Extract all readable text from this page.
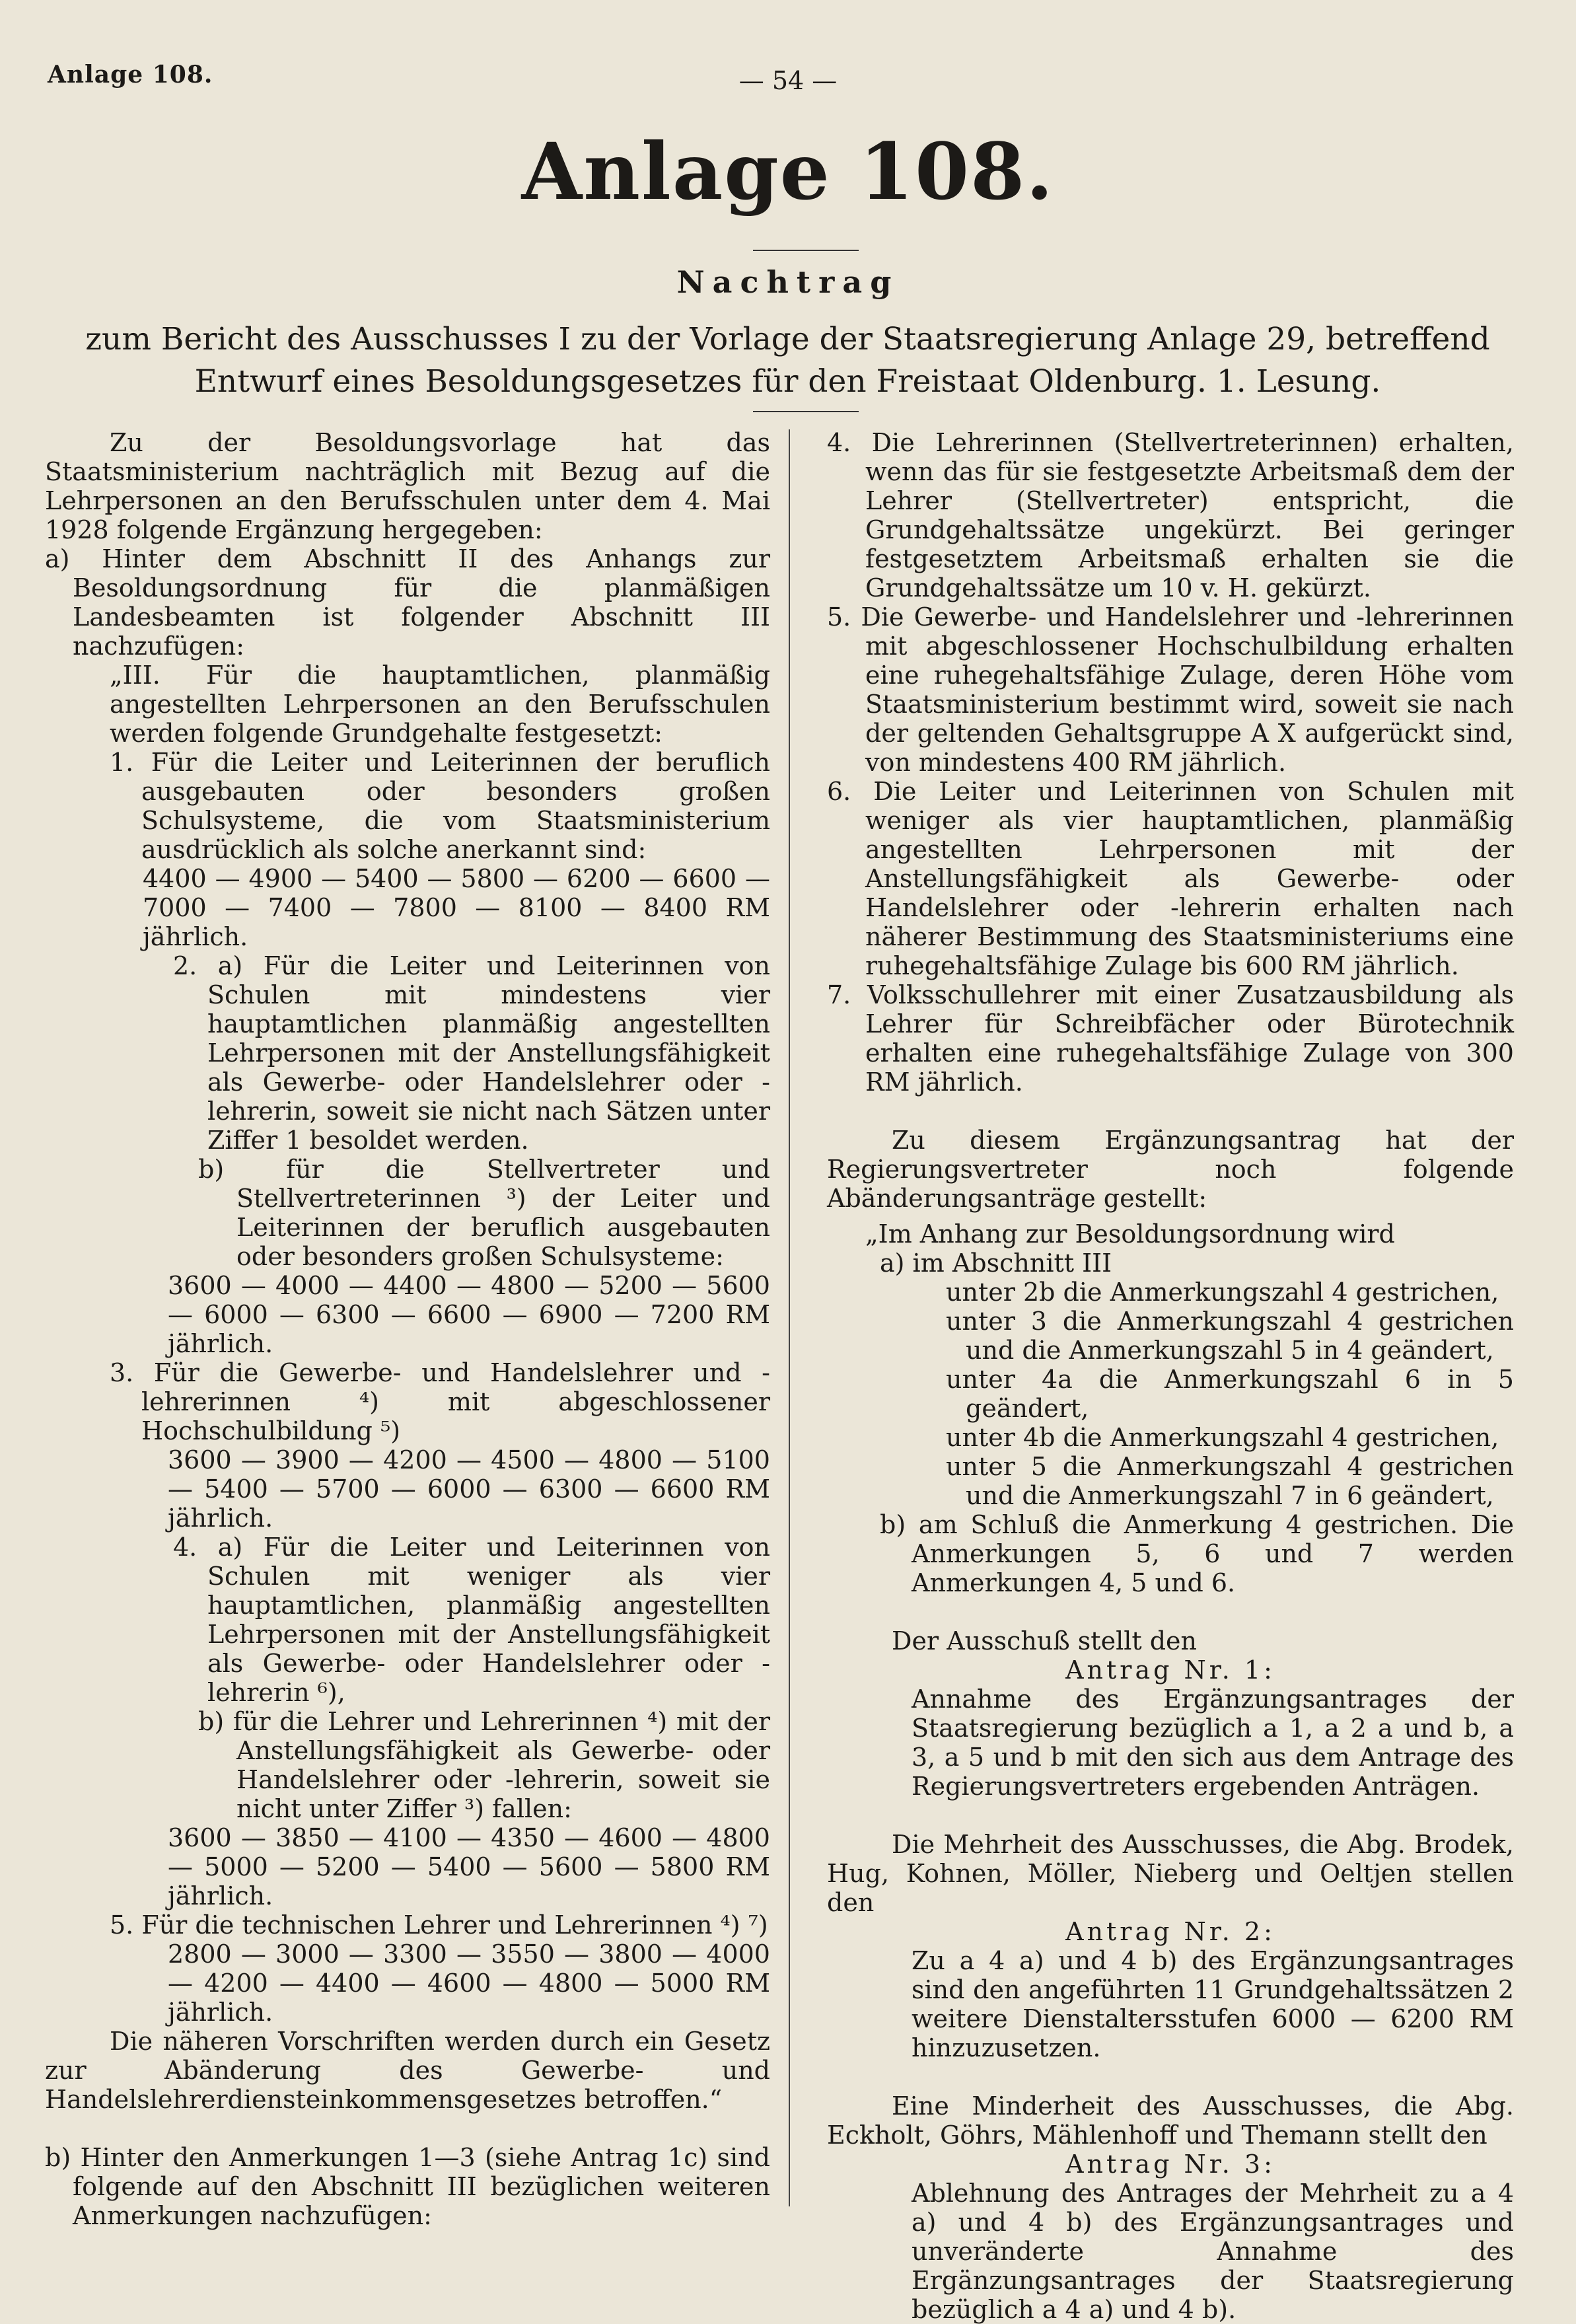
Anlage 108.	— 54 —
Anlage 108.
Nachtrag
zum Bericht des Ausschusses I zu der Vorlage der Staatsregierung Anlage 29, betreffend Entwurf eines Besoldungsgesetzes für den Freistaat Oldenburg. 1. Lesung.

Zu der Besoldungsvorlage hat das Staatsministerium nachträglich mit Bezug auf die Lehrpersonen an den Berufsschulen unter dem 4. Mai 1928 folgende Ergänzung hergegeben:

a) Hinter dem Abschnitt II des Anhangs zur Besoldungsordnung für die planmäßigen Landesbeamten ist folgender Abschnitt III nachzufügen:

„III. Für die hauptamtlichen, planmäßig angestellten Lehrpersonen an den Berufsschulen werden folgende Grundgehalte festgesetzt:

1. Für die Leiter und Leiterinnen der beruflich ausgebauten oder besonders großen Schulsysteme, die vom Staatsministerium ausdrücklich als solche anerkannt sind:

4400 — 4900 — 5400 — 5800 — 6200 — 6600 — 7000 — 7400 — 7800 — 8100 — 8400 RM jährlich.

2. a) Für die Leiter und Leiterinnen von Schulen mit mindestens vier hauptamtlichen planmäßig angestellten Lehrpersonen mit der Anstellungsfähigkeit als Gewerbe- oder Handelslehrer oder -lehrerin, soweit sie nicht nach Sätzen unter Ziffer 1 besoldet werden.

b) für die Stellvertreter und Stellvertreterinnen ³) der Leiter und Leiterinnen der beruflich ausgebauten oder besonders großen Schulsysteme:

3600 — 4000 — 4400 — 4800 — 5200 — 5600 — 6000 — 6300 — 6600 — 6900 — 7200 RM jährlich.

3. Für die Gewerbe- und Handelslehrer und -lehrerinnen ⁴) mit abgeschlossener Hochschulbildung ⁵)

3600 — 3900 — 4200 — 4500 — 4800 — 5100 — 5400 — 5700 — 6000 — 6300 — 6600 RM jährlich.

4. a) Für die Leiter und Leiterinnen von Schulen mit weniger als vier hauptamtlichen, planmäßig angestellten Lehrpersonen mit der Anstellungsfähigkeit als Gewerbe- oder Handelslehrer oder -lehrerin ⁶),

b) für die Lehrer und Lehrerinnen ⁴) mit der Anstellungsfähigkeit als Gewerbe- oder Handelslehrer oder -lehrerin, soweit sie nicht unter Ziffer ³) fallen:

3600 — 3850 — 4100 — 4350 — 4600 — 4800 — 5000 — 5200 — 5400 — 5600 — 5800 RM jährlich.

5. Für die technischen Lehrer und Lehrerinnen ⁴) ⁷)

2800 — 3000 — 3300 — 3550 — 3800 — 4000 — 4200 — 4400 — 4600 — 4800 — 5000 RM jährlich.

Die näheren Vorschriften werden durch ein Gesetz zur Abänderung des Gewerbe- und Handelslehrerdiensteinkommensgesetzes betroffen.“

b) Hinter den Anmerkungen 1—3 (siehe Antrag 1c) sind folgende auf den Abschnitt III bezüglichen weiteren Anmerkungen nachzufügen:

4. Die Lehrerinnen (Stellvertreterinnen) erhalten, wenn das für sie festgesetzte Arbeitsmaß dem der Lehrer (Stellvertreter) entspricht, die Grundgehaltssätze ungekürzt. Bei geringer festgesetztem Arbeitsmaß erhalten sie die Grundgehaltssätze um 10 v. H. gekürzt.

5. Die Gewerbe- und Handelslehrer und -lehrerinnen mit abgeschlossener Hochschulbildung erhalten eine ruhegehaltsfähige Zulage, deren Höhe vom Staatsministerium bestimmt wird, soweit sie nach der geltenden Gehaltsgruppe A X aufgerückt sind, von mindestens 400 RM jährlich.

6. Die Leiter und Leiterinnen von Schulen mit weniger als vier hauptamtlichen, planmäßig angestellten Lehrpersonen mit der Anstellungsfähigkeit als Gewerbe- oder Handelslehrer oder -lehrerin erhalten nach näherer Bestimmung des Staatsministeriums eine ruhegehaltsfähige Zulage bis 600 RM jährlich.

7. Volksschullehrer mit einer Zusatzausbildung als Lehrer für Schreibfächer oder Bürotechnik erhalten eine ruhegehaltsfähige Zulage von 300 RM jährlich.

Zu diesem Ergänzungsantrag hat der Regierungsvertreter noch folgende Abänderungsanträge gestellt:

„Im Anhang zur Besoldungsordnung wird

a) im Abschnitt III

unter 2b die Anmerkungszahl 4 gestrichen,

unter 3 die Anmerkungszahl 4 gestrichen und die Anmerkungszahl 5 in 4 geändert,

unter 4a die Anmerkungszahl 6 in 5 geändert,

unter 4b die Anmerkungszahl 4 gestrichen,

unter 5 die Anmerkungszahl 4 gestrichen und die Anmerkungszahl 7 in 6 geändert,

b) am Schluß die Anmerkung 4 gestrichen. Die Anmerkungen 5, 6 und 7 werden Anmerkungen 4, 5 und 6.

Der Ausschuß stellt den

Antrag Nr. 1:

Annahme des Ergänzungsantrages der Staatsregierung bezüglich a 1, a 2 a und b, a 3, a 5 und b mit den sich aus dem Antrage des Regierungsvertreters ergebenden Anträgen.

Die Mehrheit des Ausschusses, die Abg. Brodek, Hug, Kohnen, Möller, Nieberg und Oeltjen stellen den

Antrag Nr. 2:

Zu a 4 a) und 4 b) des Ergänzungsantrages sind den angeführten 11 Grundgehaltssätzen 2 weitere Dienstaltersstufen 6000 — 6200 RM hinzuzusetzen.

Eine Minderheit des Ausschusses, die Abg. Eckholt, Göhrs, Mählenhoff und Themann stellt den

Antrag Nr. 3:

Ablehnung des Antrages der Mehrheit zu a 4 a) und 4 b) des Ergänzungsantrages und unveränderte Annahme des Ergänzungsantrages der Staatsregierung bezüglich a 4 a) und 4 b).
